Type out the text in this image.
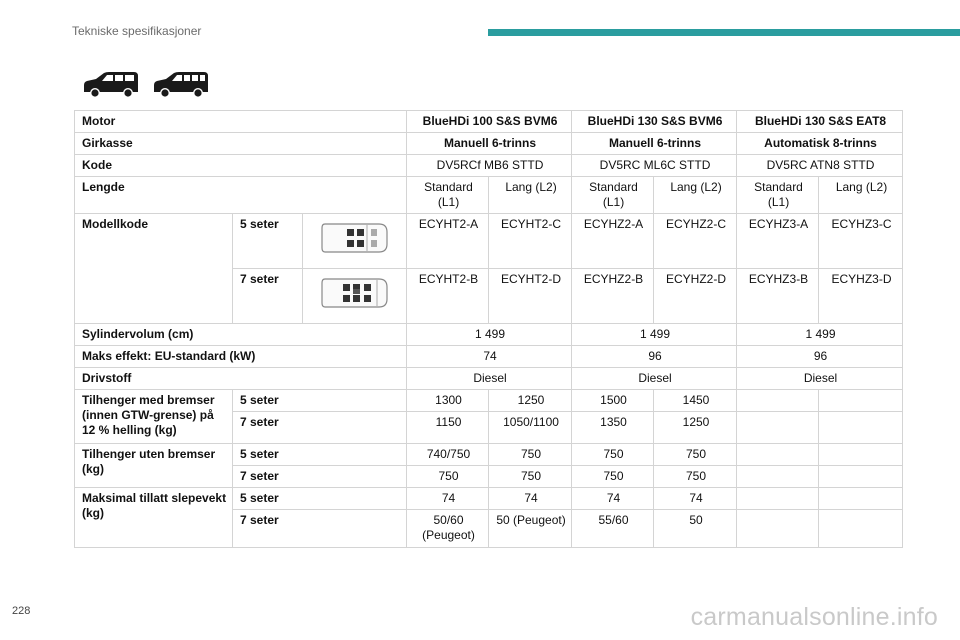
Tekniske spesifikasjoner
Motor			BlueHDi 100 S&S BVM6		BlueHDi 130 S&S BVM6		BlueHDi 130 S&S EAT8	
Girkasse			Manuell 6-trinns		Manuell 6-trinns		Automatisk 8-trinns	
Kode			DV5RCf MB6 STTD		DV5RC ML6C STTD		DV5RC ATN8 STTD	
Lengde			Standard (L1)	Lang (L2)	Standard (L1)	Lang (L2)	Standard (L1)	Lang (L2)
Modellkode	5 seter		ECYHT2-A	ECYHT2-C	ECYHZ2-A	ECYHZ2-C	ECYHZ3-A	ECYHZ3-C
	7 seter		ECYHT2-B	ECYHT2-D	ECYHZ2-B	ECYHZ2-D	ECYHZ3-B	ECYHZ3-D
Sylindervolum (cm)			1 499		1 499		1 499	
Maks effekt: EU-standard (kW)			74		96		96	
Drivstoff			Diesel		Diesel		Diesel	
Tilhenger med bremser (innen GTW-grense) på 12 % helling (kg)	5 seter		1300	1250	1500	1450		
	7 seter		1150	1050/1100	1350	1250		
Tilhenger uten bremser (kg)	5 seter		740/750	750	750	750		
	7 seter		750	750	750	750		
Maksimal tillatt slepevekt (kg)	5 seter		74	74	74	74		
	7 seter		50/60 (Peugeot)	50 (Peugeot)	55/60	50		
228	carmanualsonline.info
